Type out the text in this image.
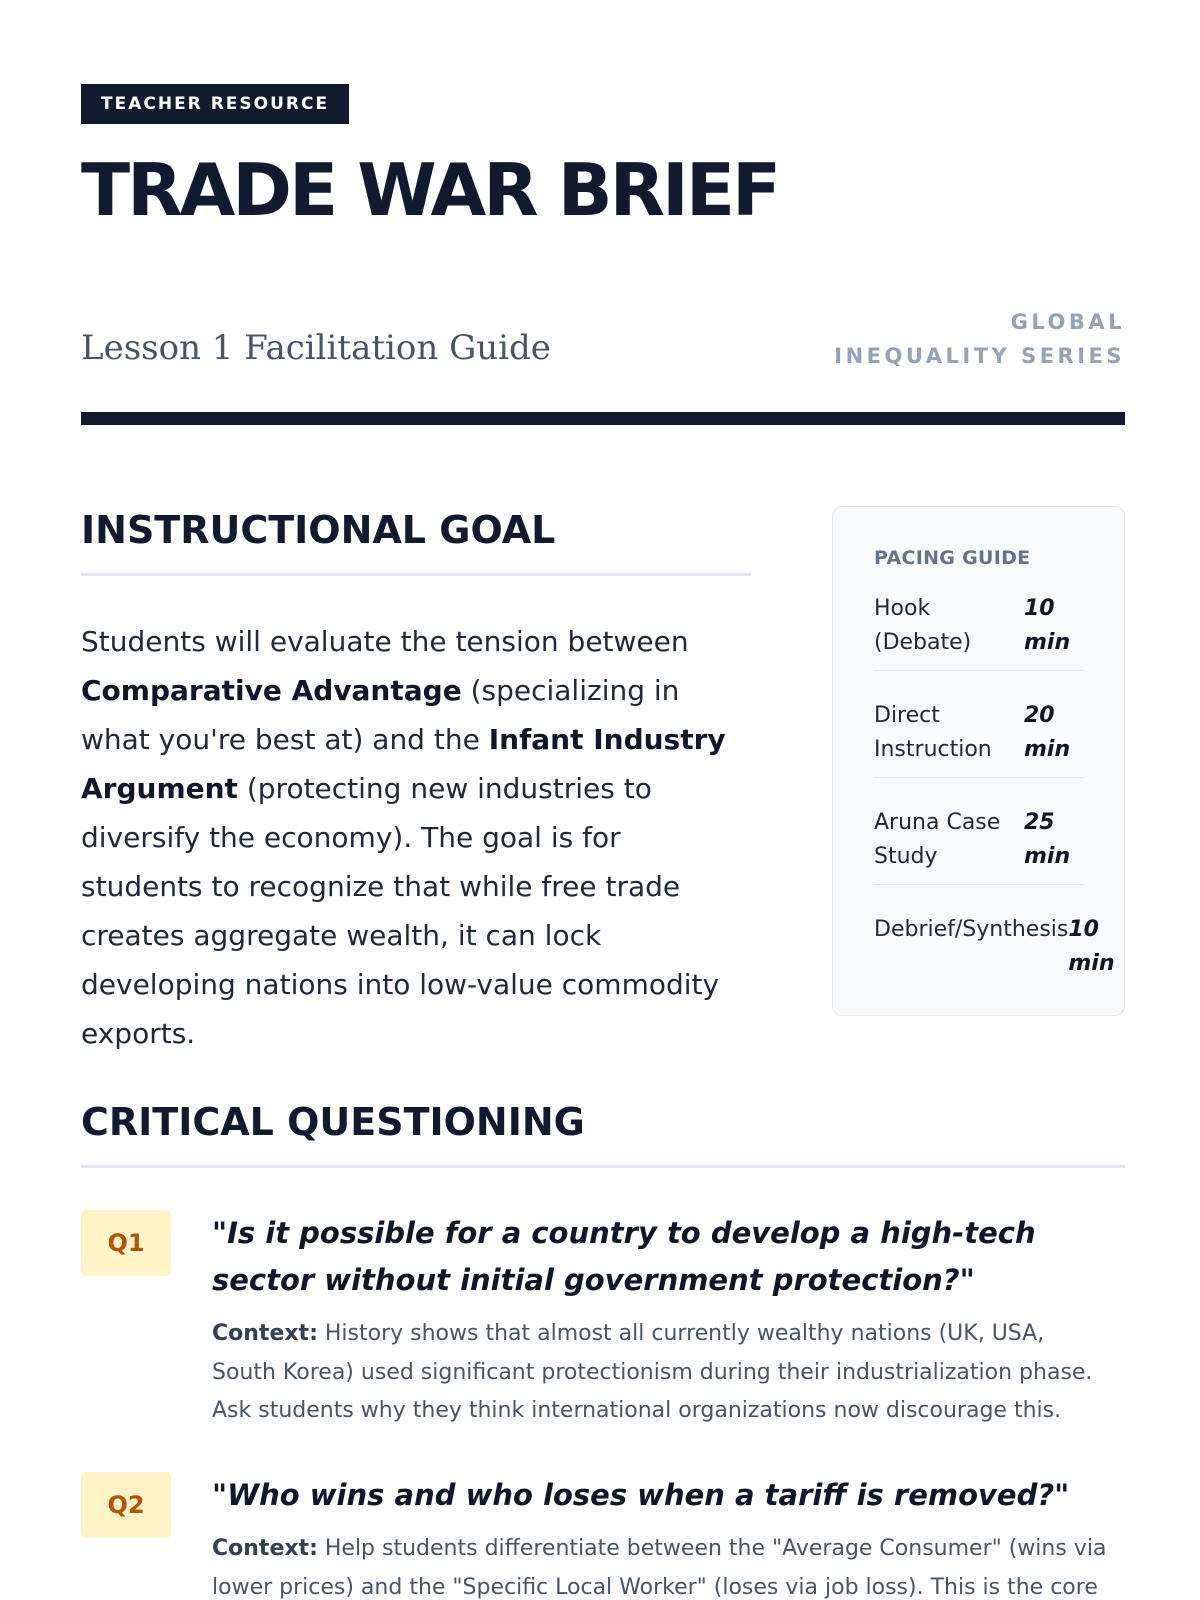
TEACHER RESOURCE
TRADE WAR BRIEF
Lesson 1 Facilitation Guide
GLOBAL INEQUALITY SERIES
INSTRUCTIONAL GOAL

Students will evaluate the tension between Comparative Advantage (specializing in what you're best at) and the Infant Industry Argument (protecting new industries to diversify the economy). The goal is for students to recognize that while free trade creates aggregate wealth, it can lock developing nations into low-value commodity exports.

PACING GUIDE
Hook (Debate)
10 min
Direct Instruction
20 min
Aruna Case Study
25 min
Debrief/Synthesis 10 min
CRITICAL QUESTIONING
Q1	"Is it possible for a country to develop a high-tech sector without initial government protection?"

Context: History shows that almost all currently wealthy nations (UK, USA, South Korea) used significant protectionism during their industrialization phase. Ask students why they think international organizations now discourage this.

Q2	"Who wins and who loses when a tariff is removed?"

Context: Help students differentiate between the "Average Consumer" (wins via lower prices) and the "Specific Local Worker" (loses via job loss). This is the core
